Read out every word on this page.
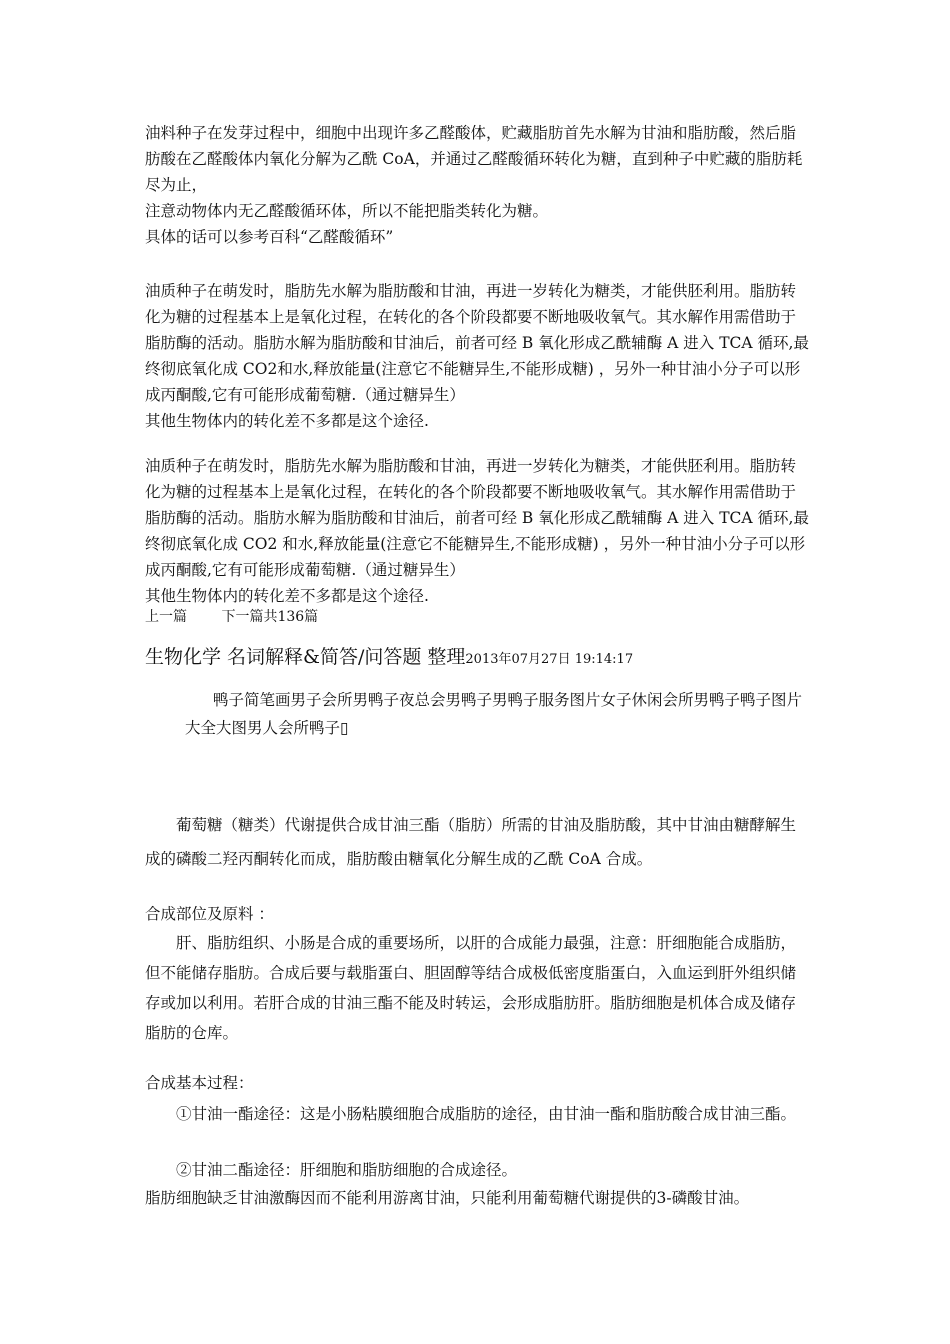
油料种子在发芽过程中，细胞中出现许多乙醛酸体，贮藏脂肪首先水解为甘油和脂肪酸，然后脂肪酸在乙醛酸体内氧化分解为乙酰 CoA，并通过乙醛酸循环转化为糖，直到种子中贮藏的脂肪耗尽为止，
注意动物体内无乙醛酸循环体，所以不能把脂类转化为糖。
具体的话可以参考百科“乙醛酸循环”
油质种子在萌发时，脂肪先水解为脂肪酸和甘油，再进一岁转化为糖类，才能供胚利用。脂肪转化为糖的过程基本上是氧化过程，在转化的各个阶段都要不断地吸收氧气。其水解作用需借助于脂肪酶的活动。脂肪水解为脂肪酸和甘油后，前者可经 B 氧化形成乙酰辅酶 A 进入 TCA 循环,最终彻底氧化成 CO2和水,释放能量(注意它不能糖异生,不能形成糖) ，另外一种甘油小分子可以形成丙酮酸,它有可能形成葡萄糖.（通过糖异生）
其他生物体内的转化差不多都是这个途径.
油质种子在萌发时，脂肪先水解为脂肪酸和甘油，再进一岁转化为糖类，才能供胚利用。脂肪转化为糖的过程基本上是氧化过程，在转化的各个阶段都要不断地吸收氧气。其水解作用需借助于脂肪酶的活动。脂肪水解为脂肪酸和甘油后，前者可经 B 氧化形成乙酰辅酶 A 进入 TCA 循环,最终彻底氧化成 CO2 和水,释放能量(注意它不能糖异生,不能形成糖) ，另外一种甘油小分子可以形成丙酮酸,它有可能形成葡萄糖.（通过糖异生）
其他生物体内的转化差不多都是这个途径.
上一篇 下一篇共136篇
生物化学 名词解释&简答/问答题 整理2013年07月27日 19:14:17

鸭子简笔画男子会所男鸭子夜总会男鸭子男鸭子服务图片女子休闲会所男鸭子鸭子图片大全大图男人会所鸭子▯

葡萄糖（糖类）代谢提供合成甘油三酯（脂肪）所需的甘油及脂肪酸，其中甘油由糖酵解生成的磷酸二羟丙酮转化而成，脂肪酸由糖氧化分解生成的乙酰 CoA 合成。

合成部位及原料 ：

肝、脂肪组织、小肠是合成的重要场所，以肝的合成能力最强，注意：肝细胞能合成脂肪，但不能储存脂肪。合成后要与载脂蛋白、胆固醇等结合成极低密度脂蛋白，入血运到肝外组织储存或加以利用。若肝合成的甘油三酯不能及时转运，会形成脂肪肝。脂肪细胞是机体合成及储存脂肪的仓库。

合成基本过程：

①甘油一酯途径：这是小肠粘膜细胞合成脂肪的途径，由甘油一酯和脂肪酸合成甘油三酯。

②甘油二酯途径：肝细胞和脂肪细胞的合成途径。

脂肪细胞缺乏甘油激酶因而不能利用游离甘油，只能利用葡萄糖代谢提供的3-磷酸甘油。
